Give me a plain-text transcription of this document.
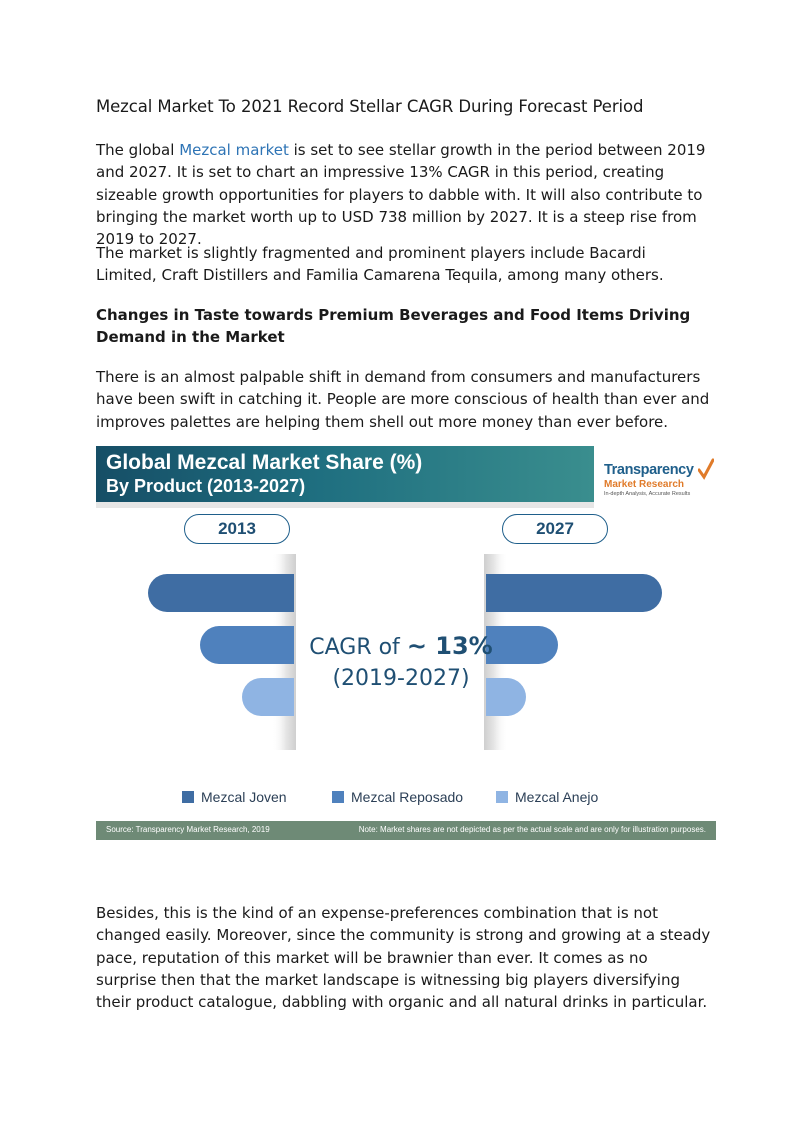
Mezcal Market To 2021 Record Stellar CAGR During Forecast Period

The global Mezcal market is set to see stellar growth in the period between 2019 and 2027. It is set to chart an impressive 13% CAGR in this period, creating sizeable growth opportunities for players to dabble with. It will also contribute to bringing the market worth up to USD 738 million by 2027. It is a steep rise from 2019 to 2027.

The market is slightly fragmented and prominent players include Bacardi Limited, Craft Distillers and Familia Camarena Tequila, among many others.

Changes in Taste towards Premium Beverages and Food Items Driving Demand in the Market

There is an almost palpable shift in demand from consumers and manufacturers have been swift in catching it. People are more conscious of health than ever and improves palettes are helping them shell out more money than ever before.

Global Mezcal Market Share (%)
By Product (2013-2027)
Transparency
Market Research
In-depth Analysis, Accurate Results
2013	2027
CAGR of ~ 13%
(2019-2027)
Mezcal Joven	Mezcal Reposado	Mezcal Anejo
Source: Transparency Market Research, 2019	Note: Market shares are not depicted as per the actual scale and are only for illustration purposes.

Besides, this is the kind of an expense-preferences combination that is not changed easily. Moreover, since the community is strong and growing at a steady pace, reputation of this market will be brawnier than ever. It comes as no surprise then that the market landscape is witnessing big players diversifying their product catalogue, dabbling with organic and all natural drinks in particular.
